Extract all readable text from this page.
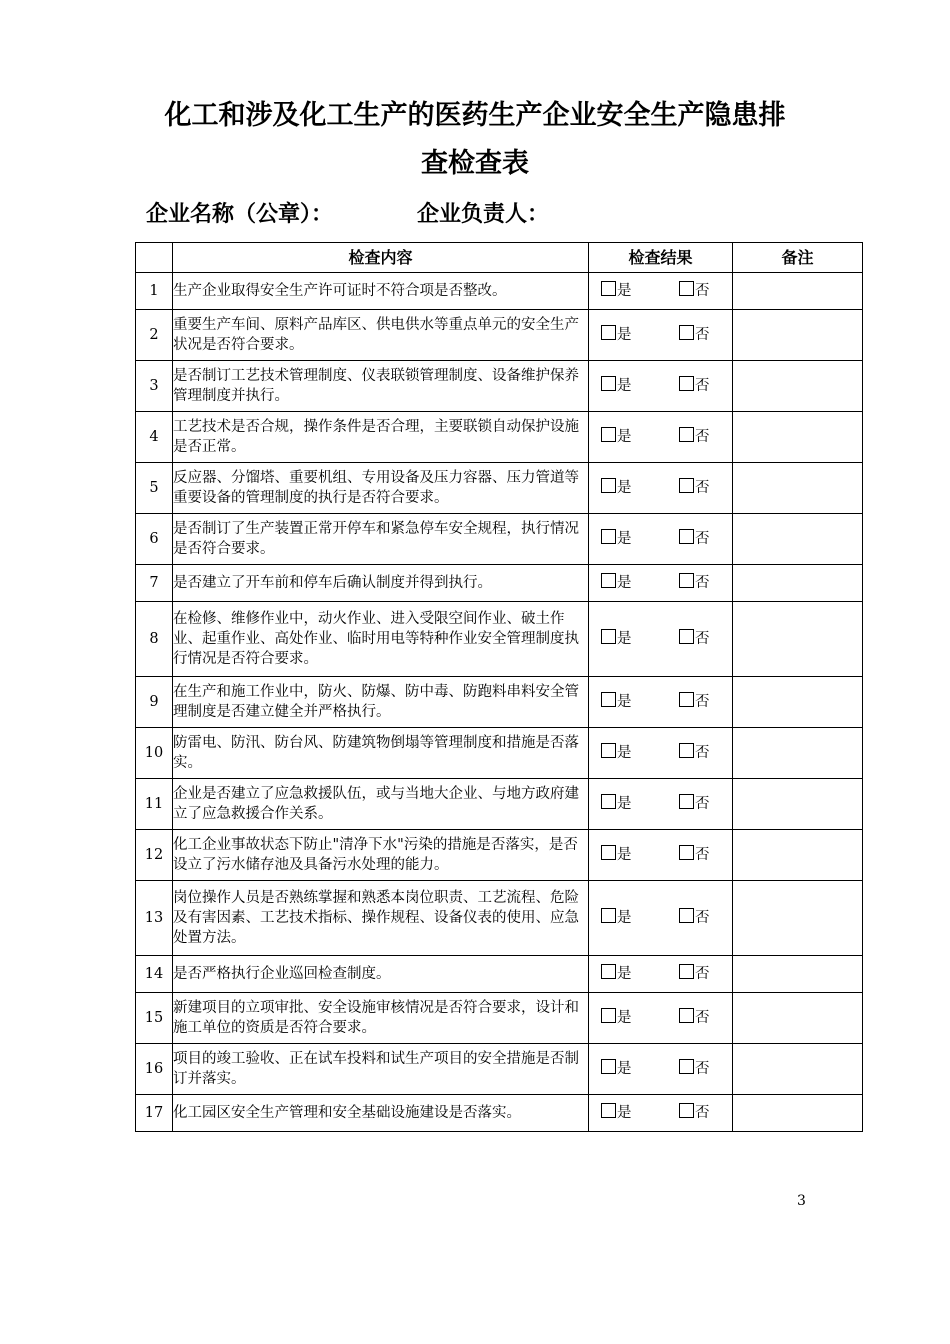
化工和涉及化工生产的医药生产企业安全生产隐患排
查检查表
企业名称（公章）：	企业负责人：
	检查内容	检查结果	备注
1	生产企业取得安全生产许可证时不符合项是否整改。	是 否	
2	重要生产车间、原料产品库区、供电供水等重点单元的安全生产状况是否符合要求。	是 否	
3	是否制订工艺技术管理制度、仪表联锁管理制度、设备维护保养管理制度并执行。	是 否	
4	工艺技术是否合规，操作条件是否合理，主要联锁自动保护设施是否正常。	是 否	
5	反应器、分馏塔、重要机组、专用设备及压力容器、压力管道等重要设备的管理制度的执行是否符合要求。	是 否	
6	是否制订了生产装置正常开停车和紧急停车安全规程，执行情况是否符合要求。	是 否	
7	是否建立了开车前和停车后确认制度并得到执行。	是 否	
8	在检修、维修作业中，动火作业、进入受限空间作业、破土作业、起重作业、高处作业、临时用电等特种作业安全管理制度执行情况是否符合要求。	是 否	
9	在生产和施工作业中，防火、防爆、防中毒、防跑料串料安全管理制度是否建立健全并严格执行。	是 否	
10	防雷电、防汛、防台风、防建筑物倒塌等管理制度和措施是否落实。	是 否	
11	企业是否建立了应急救援队伍，或与当地大企业、与地方政府建立了应急救援合作关系。	是 否	
12	化工企业事故状态下防止"清净下水"污染的措施是否落实，是否设立了污水储存池及具备污水处理的能力。	是 否	
13	岗位操作人员是否熟练掌握和熟悉本岗位职责、工艺流程、危险及有害因素、工艺技术指标、操作规程、设备仪表的使用、应急处置方法。	是 否	
14	是否严格执行企业巡回检查制度。	是 否	
15	新建项目的立项审批、安全设施审核情况是否符合要求，设计和施工单位的资质是否符合要求。	是 否	
16	项目的竣工验收、正在试车投料和试生产项目的安全措施是否制订并落实。	是 否	
17	化工园区安全生产管理和安全基础设施建设是否落实。	是 否	
3
